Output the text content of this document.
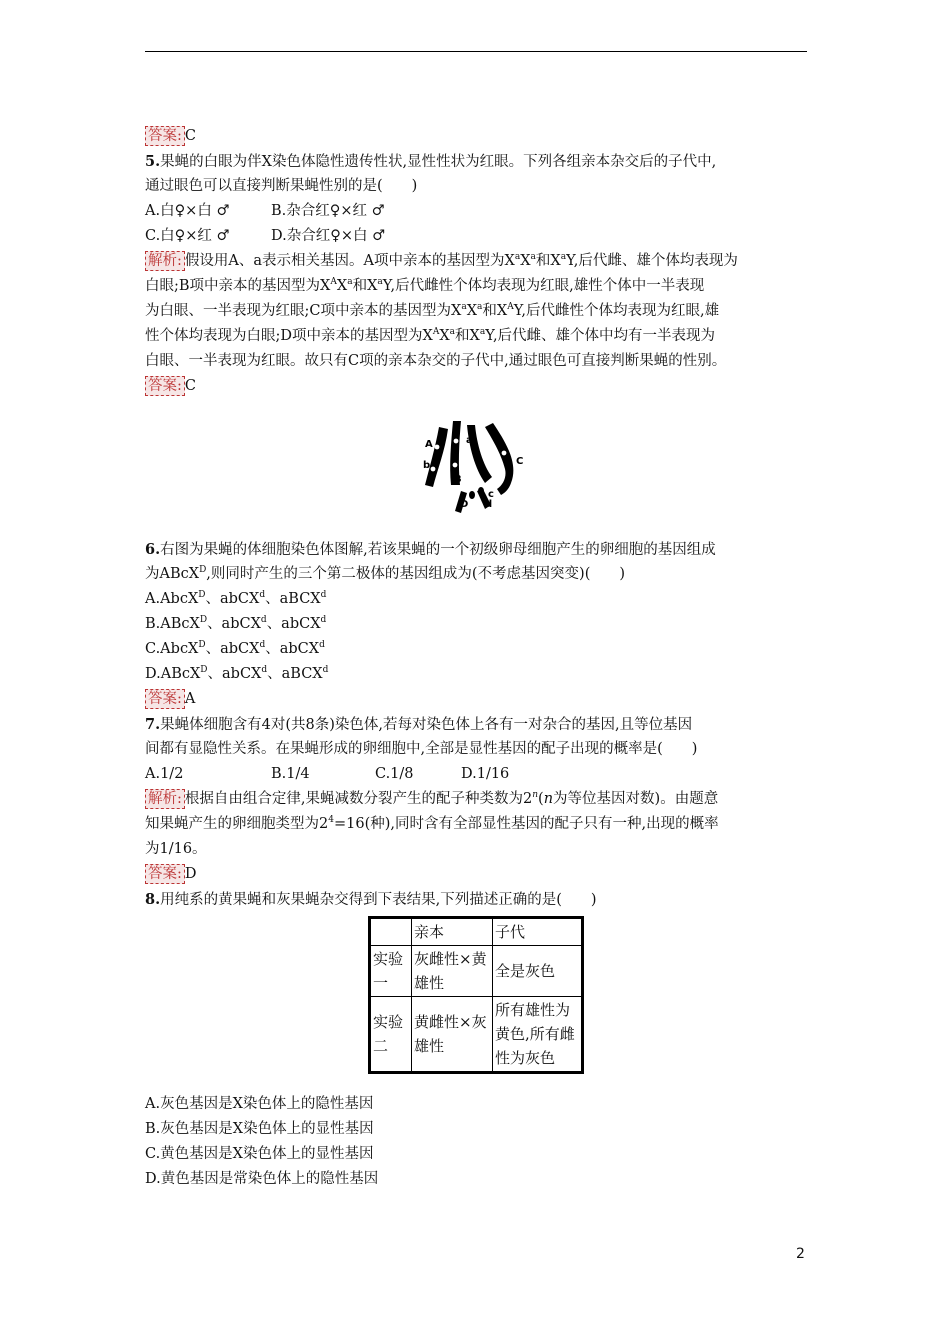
答案: C
5.果蝇的白眼为伴X染色体隐性遗传性状,显性性状为红眼。下列各组亲本杂交后的子代中,
通过眼色可以直接判断果蝇性别的是(　　)
A.白♀×白 ♂	B.杂合红♀×红 ♂
C.白♀×红 ♂	D.杂合红♀×白 ♂
解析: 假设用A、a表示相关基因。A项中亲本的基因型为$X^aX^a$和$X^aY$,后代雌、雄个体均表现为
白眼;B项中亲本的基因型为$X^AX^a$和$X^aY$,后代雌性个体均表现为红眼,雄性个体中一半表现
为白眼、一半表现为红眼;C项中亲本的基因型为$X^aX^a$和$X^AY$,后代雌性个体均表现为红眼,雄
性个体均表现为白眼;D项中亲本的基因型为$X^AX^a$和$X^aY$,后代雌、雄个体中均有一半表现为
白眼、一半表现为红眼。故只有C项的亲本杂交的子代中,通过眼色可直接判断果蝇的性别。
答案: C
A	a
b
B
C
c
d
D
6.右图为果蝇的体细胞染色体图解,若该果蝇的一个初级卵母细胞产生的卵细胞的基因组成
为ABcX$^D$,则同时产生的三个第二极体的基因组成为(不考虑基因突变)(　　)
A.AbcX$^D$、abCX$^d$、aBCX$^d$
B.ABcX$^D$、abCX$^d$、abCX$^d$
C.AbcX$^D$、abCX$^d$、abCX$^d$
D.ABcX$^D$、abCX$^d$、aBCX$^d$
答案: A
7.果蝇体细胞含有4对(共8条)染色体,若每对染色体上各有一对杂合的基因,且等位基因
间都有显隐性关系。在果蝇形成的卵细胞中,全部是显性基因的配子出现的概率是(　　)
A.1/2	B.1/4	C.1/8	D.1/16
解析: 根据自由组合定律,果蝇减数分裂产生的配子种类数为2$^n$(n为等位基因对数)。由题意
知果蝇产生的卵细胞类型为$2^4=16$(种),同时含有全部显性基因的配子只有一种,出现的概率
为1/16。
答案: D
8.用纯系的黄果蝇和灰果蝇杂交得到下表结果,下列描述正确的是(　　)
	亲本	子代
实验一	灰雌性×黄雄性	全是灰色
实验二	黄雌性×灰雄性	所有雄性为黄色,所有雌性为灰色
A.灰色基因是X染色体上的隐性基因
B.灰色基因是X染色体上的显性基因
C.黄色基因是X染色体上的显性基因
D.黄色基因是常染色体上的隐性基因
2
